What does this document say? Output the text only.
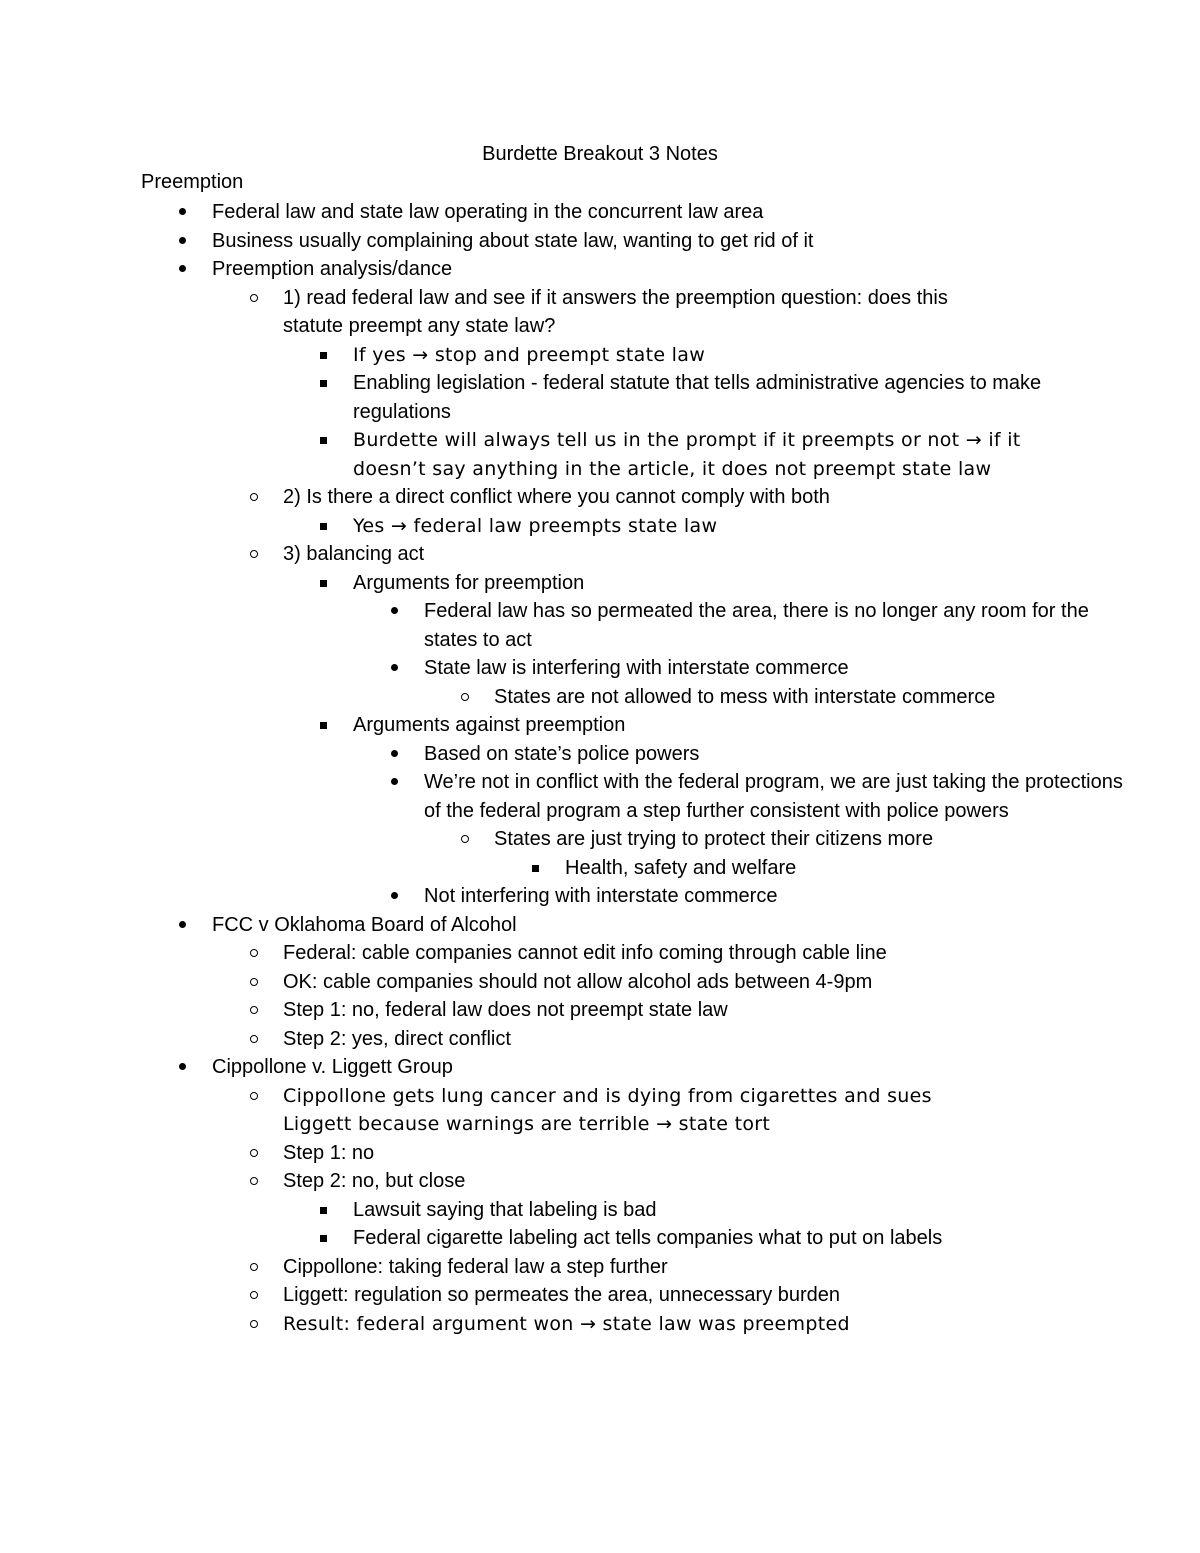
Burdette Breakout 3 Notes
Preemption
Federal law and state law operating in the concurrent law area
Business usually complaining about state law, wanting to get rid of it
Preemption analysis/dance
1) read federal law and see if it answers the preemption question: does this statute preempt any state law?
If yes → stop and preempt state law
Enabling legislation - federal statute that tells administrative agencies to make regulations
Burdette will always tell us in the prompt if it preempts or not → if it doesn’t say anything in the article, it does not preempt state law
2) Is there a direct conflict where you cannot comply with both
Yes → federal law preempts state law
3) balancing act
Arguments for preemption
Federal law has so permeated the area, there is no longer any room for the states to act
State law is interfering with interstate commerce
States are not allowed to mess with interstate commerce
Arguments against preemption
Based on state’s police powers
We’re not in conflict with the federal program, we are just taking the protections of the federal program a step further consistent with police powers
States are just trying to protect their citizens more
Health, safety and welfare
Not interfering with interstate commerce
FCC v Oklahoma Board of Alcohol
Federal: cable companies cannot edit info coming through cable line
OK: cable companies should not allow alcohol ads between 4-9pm
Step 1: no, federal law does not preempt state law
Step 2: yes, direct conflict
Cippollone v. Liggett Group
Cippollone gets lung cancer and is dying from cigarettes and sues Liggett because warnings are terrible → state tort
Step 1: no
Step 2: no, but close
Lawsuit saying that labeling is bad
Federal cigarette labeling act tells companies what to put on labels
Cippollone: taking federal law a step further
Liggett: regulation so permeates the area, unnecessary burden
Result: federal argument won → state law was preempted
